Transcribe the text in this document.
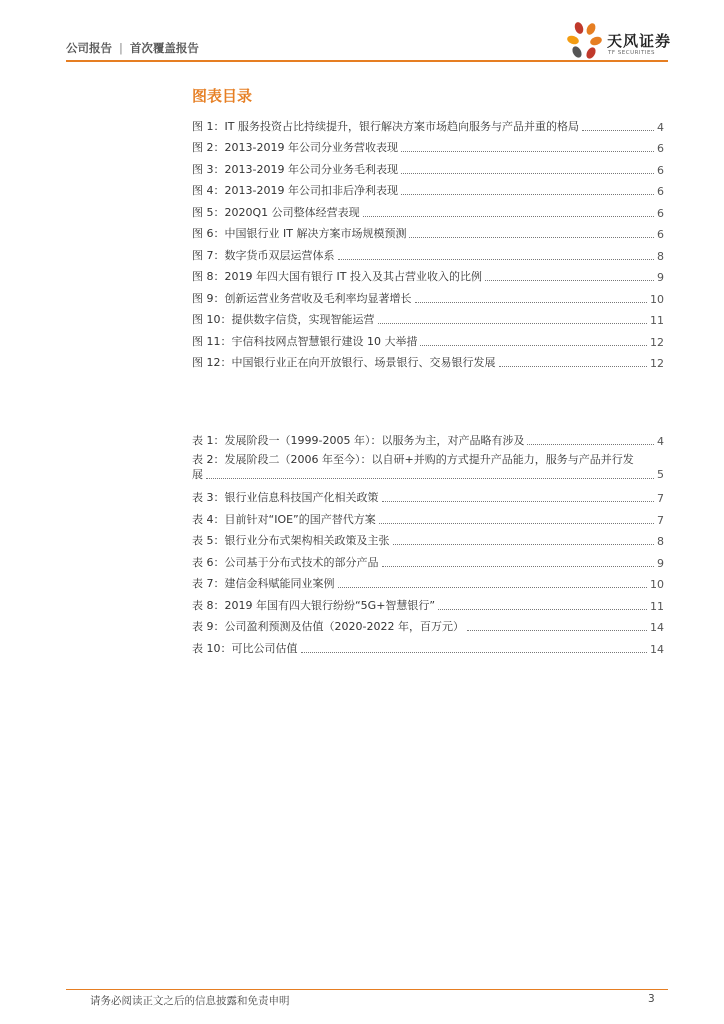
公司报告 | 首次覆盖报告	天风证券
TF SECURITIES
图表目录
图 1：IT 服务投资占比持续提升，银行解决方案市场趋向服务与产品并重的格局	4
图 2：2013-2019 年公司分业务营收表现	6
图 3：2013-2019 年公司分业务毛利表现	6
图 4：2013-2019 年公司扣非后净利表现	6
图 5：2020Q1 公司整体经营表现	6
图 6：中国银行业 IT 解决方案市场规模预测	6
图 7：数字货币双层运营体系	8
图 8：2019 年四大国有银行 IT 投入及其占营业收入的比例	9
图 9：创新运营业务营收及毛利率均显著增长	10
图 10：提供数字信贷，实现智能运营	11
图 11：宇信科技网点智慧银行建设 10 大举措	12
图 12：中国银行业正在向开放银行、场景银行、交易银行发展	12
表 1：发展阶段一（1999-2005 年）：以服务为主，对产品略有涉及	4
表 2：发展阶段二（2006 年至今）：以自研+并购的方式提升产品能力，服务与产品并行发
展	5
表 3：银行业信息科技国产化相关政策	7
表 4：目前针对“IOE”的国产替代方案	7
表 5：银行业分布式架构相关政策及主张	8
表 6：公司基于分布式技术的部分产品	9
表 7：建信金科赋能同业案例	10
表 8：2019 年国有四大银行纷纷“5G+智慧银行”	11
表 9：公司盈利预测及估值（2020-2022 年，百万元）	14
表 10：可比公司估值	14
请务必阅读正文之后的信息披露和免责申明	3
